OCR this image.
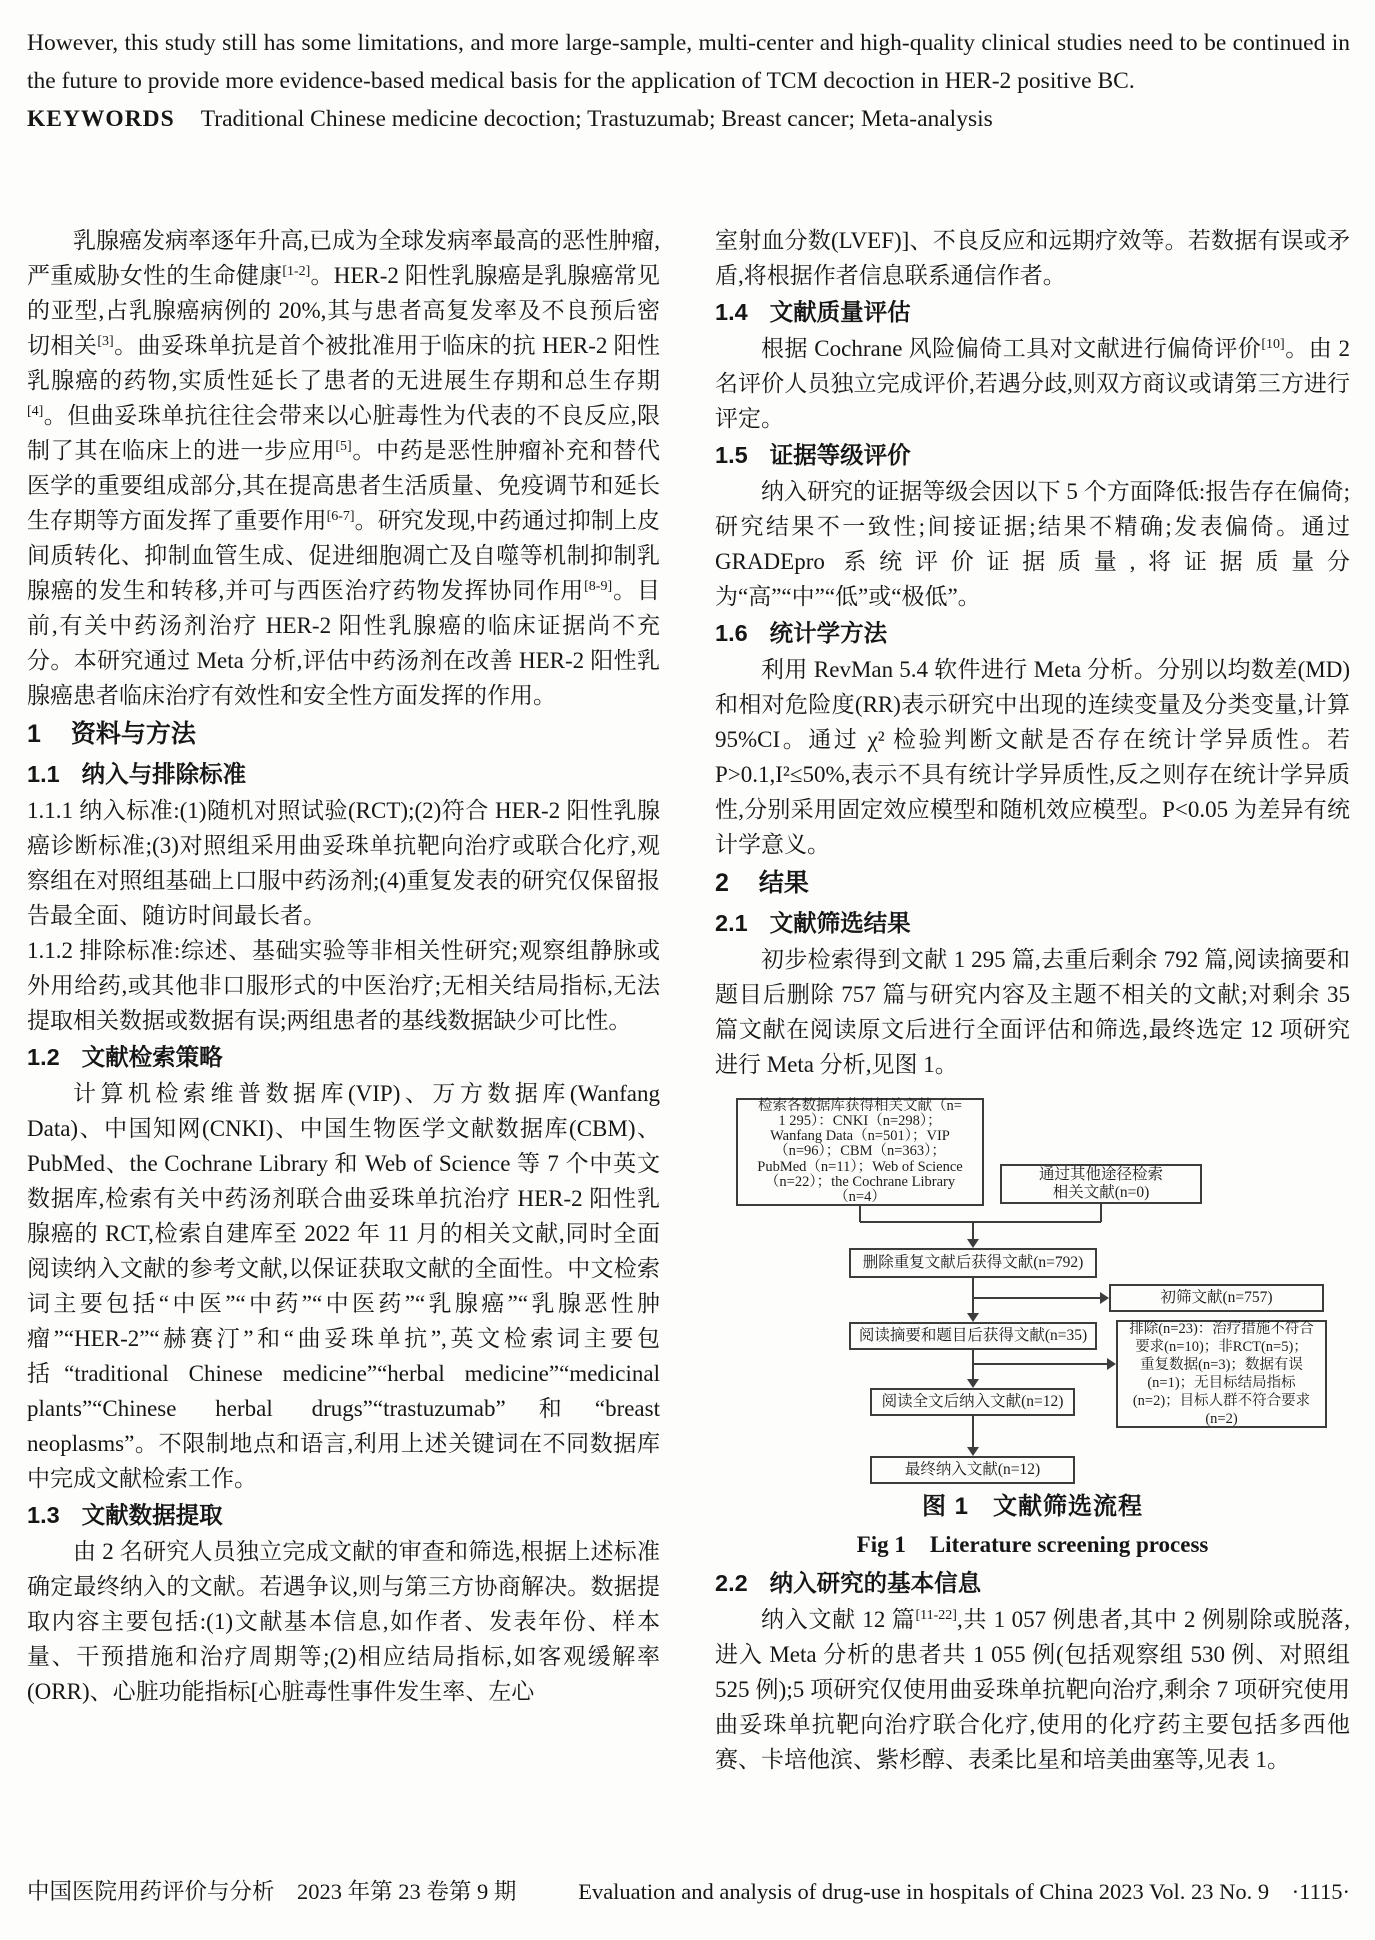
However, this study still has some limitations, and more large-sample, multi-center and high-quality clinical studies need to be continued in the future to provide more evidence-based medical basis for the application of TCM decoction in HER-2 positive BC.

KEYWORDS Traditional Chinese medicine decoction; Trastuzumab; Breast cancer; Meta-analysis

乳腺癌发病率逐年升高,已成为全球发病率最高的恶性肿瘤,严重威胁女性的生命健康[1-2]。HER-2 阳性乳腺癌是乳腺癌常见的亚型,占乳腺癌病例的 20%,其与患者高复发率及不良预后密切相关[3]。曲妥珠单抗是首个被批准用于临床的抗 HER-2 阳性乳腺癌的药物,实质性延长了患者的无进展生存期和总生存期[4]。但曲妥珠单抗往往会带来以心脏毒性为代表的不良反应,限制了其在临床上的进一步应用[5]。中药是恶性肿瘤补充和替代医学的重要组成部分,其在提高患者生活质量、免疫调节和延长生存期等方面发挥了重要作用[6-7]。研究发现,中药通过抑制上皮间质转化、抑制血管生成、促进细胞凋亡及自噬等机制抑制乳腺癌的发生和转移,并可与西医治疗药物发挥协同作用[8-9]。目前,有关中药汤剂治疗 HER-2 阳性乳腺癌的临床证据尚不充分。本研究通过 Meta 分析,评估中药汤剂在改善 HER-2 阳性乳腺癌患者临床治疗有效性和安全性方面发挥的作用。

1 资料与方法
1.1 纳入与排除标准

1.1.1 纳入标准:(1)随机对照试验(RCT);(2)符合 HER-2 阳性乳腺癌诊断标准;(3)对照组采用曲妥珠单抗靶向治疗或联合化疗,观察组在对照组基础上口服中药汤剂;(4)重复发表的研究仅保留报告最全面、随访时间最长者。

1.1.2 排除标准:综述、基础实验等非相关性研究;观察组静脉或外用给药,或其他非口服形式的中医治疗;无相关结局指标,无法提取相关数据或数据有误;两组患者的基线数据缺少可比性。

1.2 文献检索策略

计算机检索维普数据库(VIP)、万方数据库(Wanfang Data)、中国知网(CNKI)、中国生物医学文献数据库(CBM)、PubMed、the Cochrane Library 和 Web of Science 等 7 个中英文数据库,检索有关中药汤剂联合曲妥珠单抗治疗 HER-2 阳性乳腺癌的 RCT,检索自建库至 2022 年 11 月的相关文献,同时全面阅读纳入文献的参考文献,以保证获取文献的全面性。中文检索词主要包括“中医”“中药”“中医药”“乳腺癌”“乳腺恶性肿瘤”“HER-2”“赫赛汀”和“曲妥珠单抗”,英文检索词主要包括“traditional Chinese medicine”“herbal medicine”“medicinal plants”“Chinese herbal drugs”“trastuzumab”和“breast neoplasms”。不限制地点和语言,利用上述关键词在不同数据库中完成文献检索工作。

1.3 文献数据提取

由 2 名研究人员独立完成文献的审查和筛选,根据上述标准确定最终纳入的文献。若遇争议,则与第三方协商解决。数据提取内容主要包括:(1)文献基本信息,如作者、发表年份、样本量、干预措施和治疗周期等;(2)相应结局指标,如客观缓解率(ORR)、心脏功能指标[心脏毒性事件发生率、左心

室射血分数(LVEF)]、不良反应和远期疗效等。若数据有误或矛盾,将根据作者信息联系通信作者。

1.4 文献质量评估

根据 Cochrane 风险偏倚工具对文献进行偏倚评价[10]。由 2 名评价人员独立完成评价,若遇分歧,则双方商议或请第三方进行评定。

1.5 证据等级评价

纳入研究的证据等级会因以下 5 个方面降低:报告存在偏倚;研究结果不一致性;间接证据;结果不精确;发表偏倚。通过 GRADEpro 系统评价证据质量,将证据质量分为“高”“中”“低”或“极低”。

1.6 统计学方法

利用 RevMan 5.4 软件进行 Meta 分析。分别以均数差(MD)和相对危险度(RR)表示研究中出现的连续变量及分类变量,计算 95%CI。通过 χ² 检验判断文献是否存在统计学异质性。若 P>0.1,I²≤50%,表示不具有统计学异质性,反之则存在统计学异质性,分别采用固定效应模型和随机效应模型。P<0.05 为差异有统计学意义。

2 结果
2.1 文献筛选结果

初步检索得到文献 1 295 篇,去重后剩余 792 篇,阅读摘要和题目后删除 757 篇与研究内容及主题不相关的文献;对剩余 35 篇文献在阅读原文后进行全面评估和筛选,最终选定 12 项研究进行 Meta 分析,见图 1。

检索各数据库获得相关文献（n=
1 295）：CNKI（n=298）；
Wanfang Data（n=501）；VIP
（n=96）；CBM（n=363）；
PubMed（n=11）；Web of Science
（n=22）；the Cochrane Library
（n=4）
通过其他途径检索
相关文献(n=0)
删除重复文献后获得文献(n=792)
初筛文献(n=757)
阅读摘要和题目后获得文献(n=35)	排除(n=23)：治疗措施不符合
要求(n=10)；非RCT(n=5)；
重复数据(n=3)；数据有误
(n=1)；无目标结局指标
(n=2)；目标人群不符合要求
(n=2)
阅读全文后纳入文献(n=12)
最终纳入文献(n=12)

图 1 文献筛选流程

Fig 1 Literature screening process

2.2 纳入研究的基本信息

纳入文献 12 篇[11-22],共 1 057 例患者,其中 2 例剔除或脱落,进入 Meta 分析的患者共 1 055 例(包括观察组 530 例、对照组 525 例);5 项研究仅使用曲妥珠单抗靶向治疗,剩余 7 项研究使用曲妥珠单抗靶向治疗联合化疗,使用的化疗药主要包括多西他赛、卡培他滨、紫杉醇、表柔比星和培美曲塞等,见表 1。

中国医院用药评价与分析　2023 年第 23 卷第 9 期	Evaluation and analysis of drug-use in hospitals of China 2023 Vol. 23 No. 9　·1115·
